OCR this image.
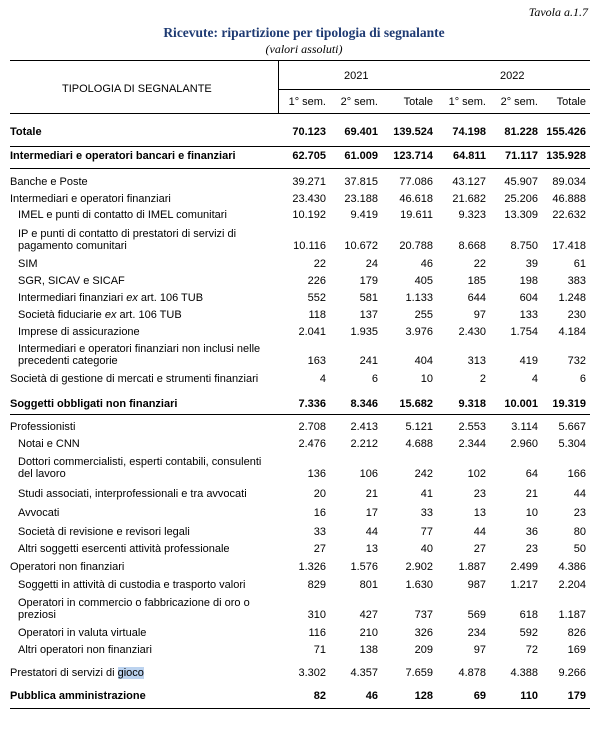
Tavola a.1.7
Ricevute: ripartizione per tipologia di segnalante
(valori assoluti)
TIPOLOGIA DI SEGNALANTE
2021	2022
1° sem.	2° sem.	Totale	1° sem.	2° sem.	Totale
Totale	70.123	69.401	139.524	74.198	81.228 155.426
Intermediari e operatori bancari e finanziari	62.705	61.009	123.714	64.811	71.117 135.928
Banche e Poste	39.271	37.815	77.086	43.127	45.907	89.034
Intermediari e operatori finanziari	23.430	23.188	46.618	21.682	25.206	46.888
IMEL e punti di contatto di IMEL comunitari	10.192	9.419	19.611	9.323	13.309	22.632
IP e punti di contatto di prestatori di servizi di
pagamento comunitari	10.116	10.672	20.788	8.668	8.750	17.418
SIM	22	24	46	22	39	61
SGR, SICAV e SICAF	226	179	405	185	198	383
Intermediari finanziari ex art. 106 TUB	552	581	1.133	644	604	1.248
Società fiduciarie ex art. 106 TUB	118	137	255	97	133	230
Imprese di assicurazione	2.041	1.935	3.976	2.430	1.754	4.184
Intermediari e operatori finanziari non inclusi nelle
precedenti categorie	163	241	404	313	419	732
Società di gestione di mercati e strumenti finanziari	4	6	10	2	4	6
Soggetti obbligati non finanziari	7.336	8.346	15.682	9.318	10.001	19.319
Professionisti	2.708	2.413	5.121	2.553	3.114	5.667
Notai e CNN	2.476	2.212	4.688	2.344	2.960	5.304
Dottori commercialisti, esperti contabili, consulenti
del lavoro	136	106	242	102	64	166
Studi associati, interprofessionali e tra avvocati	20	21	41	23	21	44
Avvocati	16	17	33	13	10	23
Società di revisione e revisori legali	33	44	77	44	36	80
Altri soggetti esercenti attività professionale	27	13	40	27	23	50
Operatori non finanziari	1.326	1.576	2.902	1.887	2.499	4.386
Soggetti in attività di custodia e trasporto valori	829	801	1.630	987	1.217	2.204
Operatori in commercio o fabbricazione di oro o
preziosi	310	427	737	569	618	1.187
Operatori in valuta virtuale	116	210	326	234	592	826
Altri operatori non finanziari	71	138	209	97	72	169
Prestatori di servizi di gioco	3.302	4.357	7.659	4.878	4.388	9.266
Pubblica amministrazione	82	46	128	69	110	179
